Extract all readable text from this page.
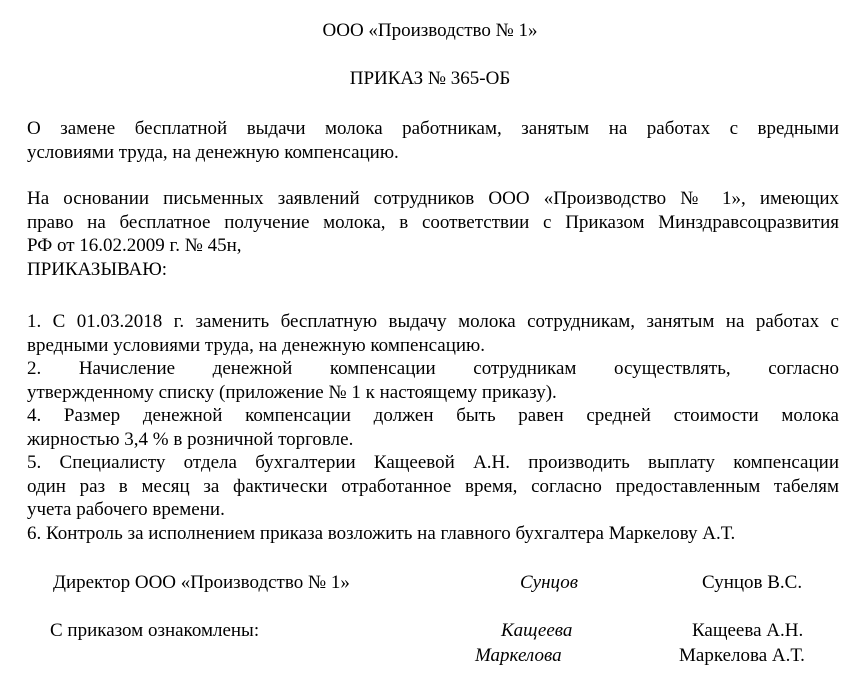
ООО «Производство № 1»
ПРИКАЗ № 365-ОБ
О замене бесплатной выдачи молока работникам, занятым на работах с вредными
условиями труда, на денежную компенсацию.
На основании письменных заявлений сотрудников ООО «Производство № 1», имеющих
право на бесплатное получение молока, в соответствии с Приказом Минздравсоцразвития
РФ от 16.02.2009 г. № 45н,
ПРИКАЗЫВАЮ:
1. С 01.03.2018 г. заменить бесплатную выдачу молока сотрудникам, занятым на работах с
вредными условиями труда, на денежную компенсацию.
2. Начисление денежной компенсации сотрудникам осуществлять, согласно
утвержденному списку (приложение № 1 к настоящему приказу).
4. Размер денежной компенсации должен быть равен средней стоимости молока
жирностью 3,4 % в розничной торговле.
5. Специалисту отдела бухгалтерии Кащеевой А.Н. производить выплату компенсации
один раз в месяц за фактически отработанное время, согласно предоставленным табелям
учета рабочего времени.
6. Контроль за исполнением приказа возложить на главного бухгалтера Маркелову А.Т.
Директор ООО «Производство № 1»	Сунцов	Сунцов В.С.
С приказом ознакомлены:	Кащеева	Кащеева А.Н.
Маркелова	Маркелова А.Т.
